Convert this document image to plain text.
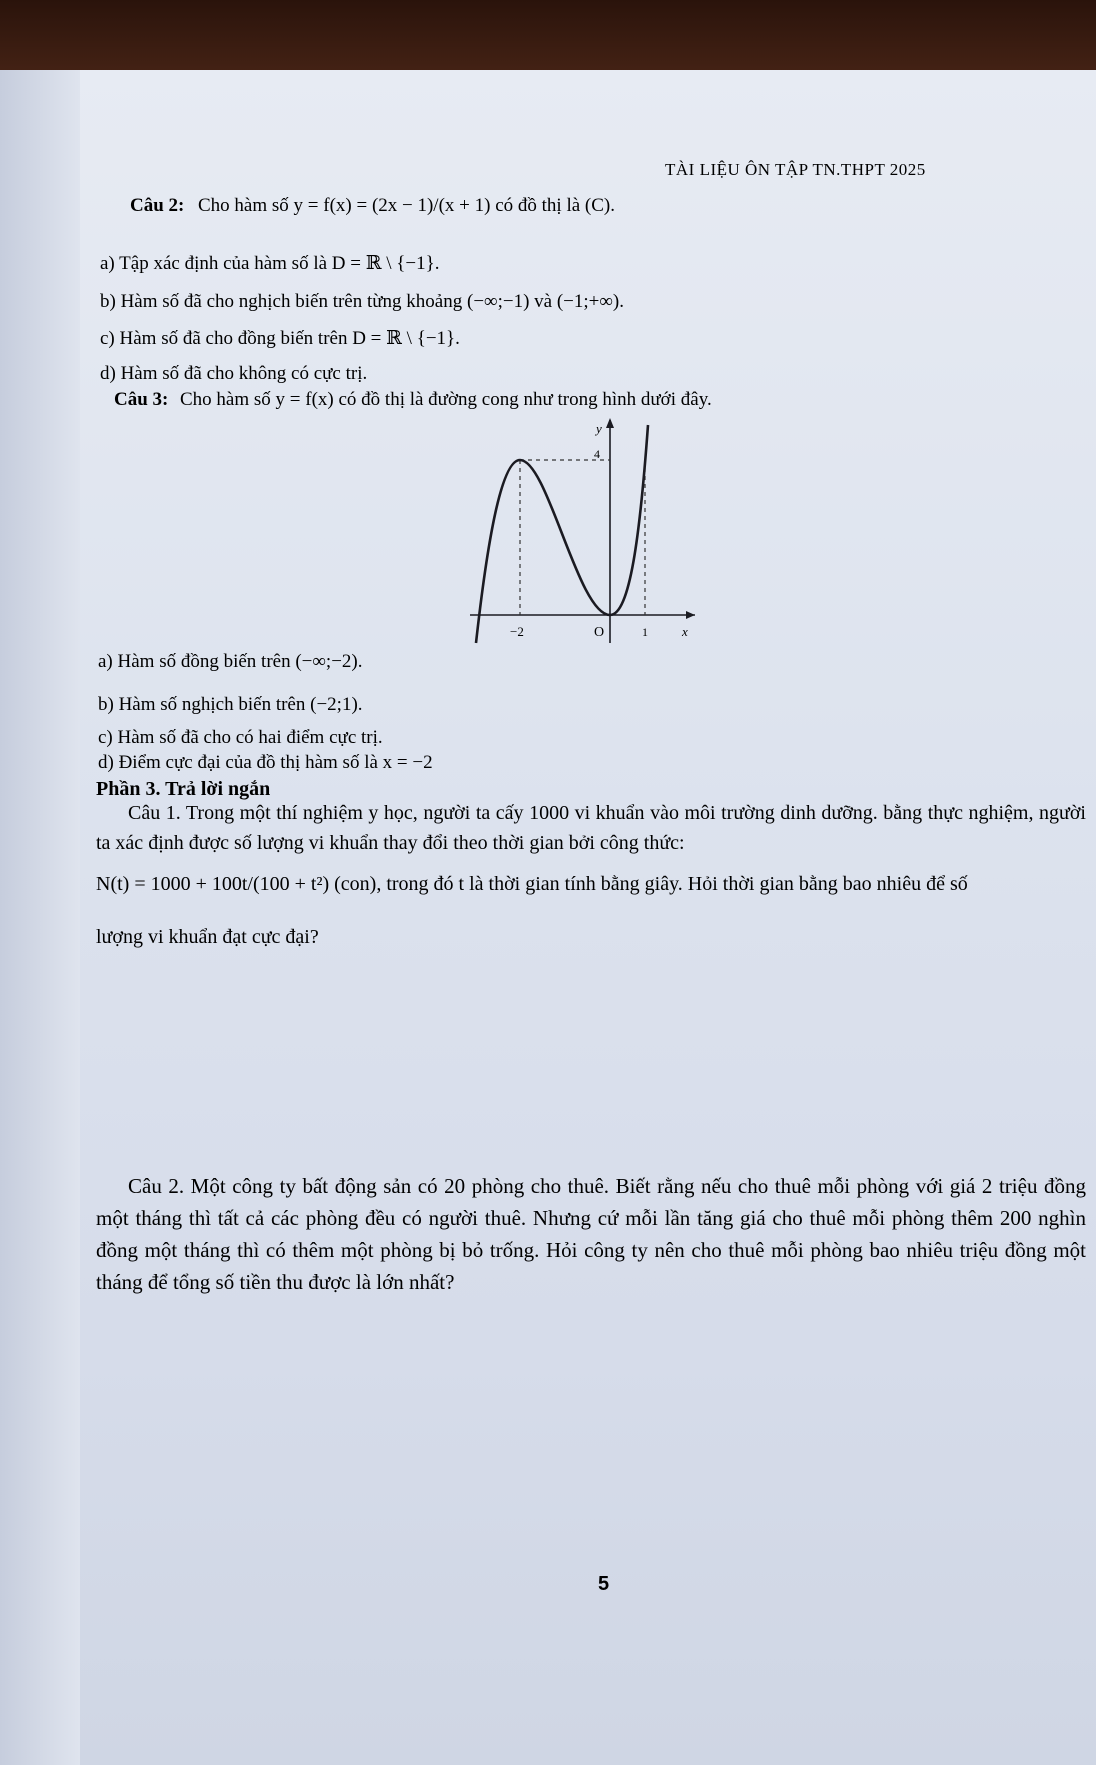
TÀI LIỆU ÔN TẬP TN.THPT 2025
Câu 2: Cho hàm số y = f(x) = (2x − 1)/(x + 1) có đồ thị là (C).
a) Tập xác định của hàm số là D = ℝ \ {−1}.
b) Hàm số đã cho nghịch biến trên từng khoảng (−∞;−1) và (−1;+∞).
c) Hàm số đã cho đồng biến trên D = ℝ \ {−1}.
d) Hàm số đã cho không có cực trị.
Câu 3: Cho hàm số y = f(x) có đồ thị là đường cong như trong hình dưới đây.
y
4
−2	O	1	x
a) Hàm số đồng biến trên (−∞;−2).
b) Hàm số nghịch biến trên (−2;1).
c) Hàm số đã cho có hai điểm cực trị.
d) Điểm cực đại của đồ thị hàm số là x = −2
Phần 3. Trả lời ngắn
Câu 1. Trong một thí nghiệm y học, người ta cấy 1000 vi khuẩn vào môi trường dinh dưỡng. bằng thực nghiệm, người ta xác định được số lượng vi khuẩn thay đổi theo thời gian bởi công thức:
N(t) = 1000 + 100t/(100 + t²) (con), trong đó t là thời gian tính bằng giây. Hỏi thời gian bằng bao nhiêu để số
lượng vi khuẩn đạt cực đại?
Câu 2. Một công ty bất động sản có 20 phòng cho thuê. Biết rằng nếu cho thuê mỗi phòng với giá 2 triệu đồng một tháng thì tất cả các phòng đều có người thuê. Nhưng cứ mỗi lần tăng giá cho thuê mỗi phòng thêm 200 nghìn đồng một tháng thì có thêm một phòng bị bỏ trống. Hỏi công ty nên cho thuê mỗi phòng bao nhiêu triệu đồng một tháng để tổng số tiền thu được là lớn nhất?
5
